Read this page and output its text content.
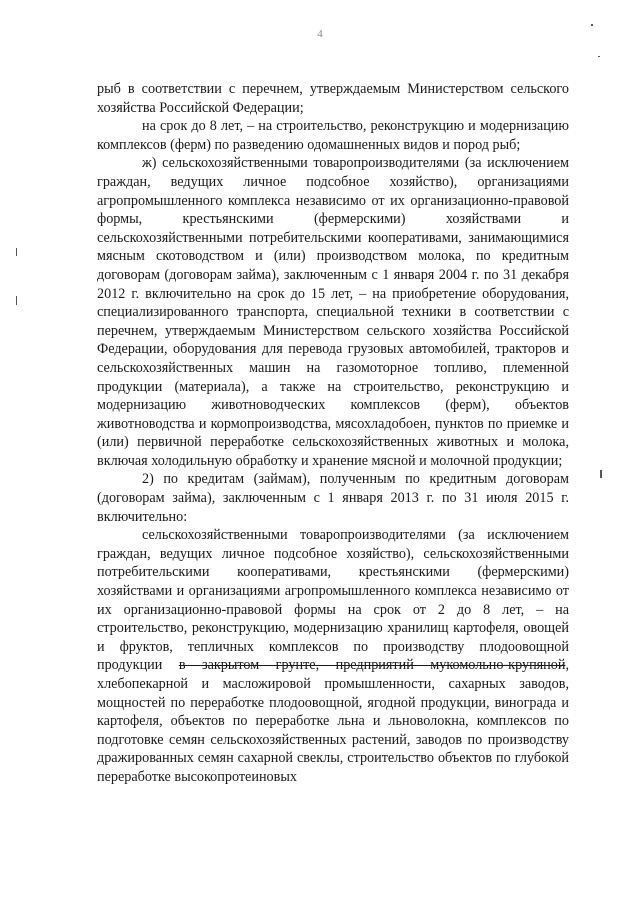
4

рыб в соответствии с перечнем, утверждаемым Министерством сельского хозяйства Российской Федерации;

на срок до 8 лет, – на строительство, реконструкцию и модернизацию комплексов (ферм) по разведению одомашненных видов и пород рыб;

ж) сельскохозяйственными товаропроизводителями (за исключением граждан, ведущих личное подсобное хозяйство), организациями агропромышленного комплекса независимо от их организационно-правовой формы, крестьянскими (фермерскими) хозяйствами и сельскохозяйственными потребительскими кооперативами, занимающимися мясным скотоводством и (или) производством молока, по кредитным договорам (договорам займа), заключенным с 1 января 2004 г. по 31 декабря 2012 г. включительно на срок до 15 лет, – на приобретение оборудования, специализированного транспорта, специальной техники в соответствии с перечнем, утверждаемым Министерством сельского хозяйства Российской Федерации, оборудования для перевода грузовых автомобилей, тракторов и сельскохозяйственных машин на газомоторное топливо, племенной продукции (материала), а также на строительство, реконструкцию и модернизацию животноводческих комплексов (ферм), объектов животноводства и кормопроизводства, мясохладобоен, пунктов по приемке и (или) первичной переработке сельскохозяйственных животных и молока, включая холодильную обработку и хранение мясной и молочной продукции;

2) по кредитам (займам), полученным по кредитным договорам (договорам займа), заключенным с 1 января 2013 г. по 31 июля 2015 г. включительно:

сельскохозяйственными товаропроизводителями (за исключением граждан, ведущих личное подсобное хозяйство), сельскохозяйственными потребительскими кооперативами, крестьянскими (фермерскими) хозяйствами и организациями агропромышленного комплекса независимо от их организационно-правовой формы на срок от 2 до 8 лет, – на строительство, реконструкцию, модернизацию хранилищ картофеля, овощей и фруктов, тепличных комплексов по производству плодоовощной продукции в закрытом грунте, предприятий мукомольно-крупяной, хлебопекарной и масложировой промышленности, сахарных заводов, мощностей по переработке плодоовощной, ягодной продукции, винограда и картофеля, объектов по переработке льна и льноволокна, комплексов по подготовке семян сельскохозяйственных растений, заводов по производству дражированных семян сахарной свеклы, строительство объектов по глубокой переработке высокопротеиновых
